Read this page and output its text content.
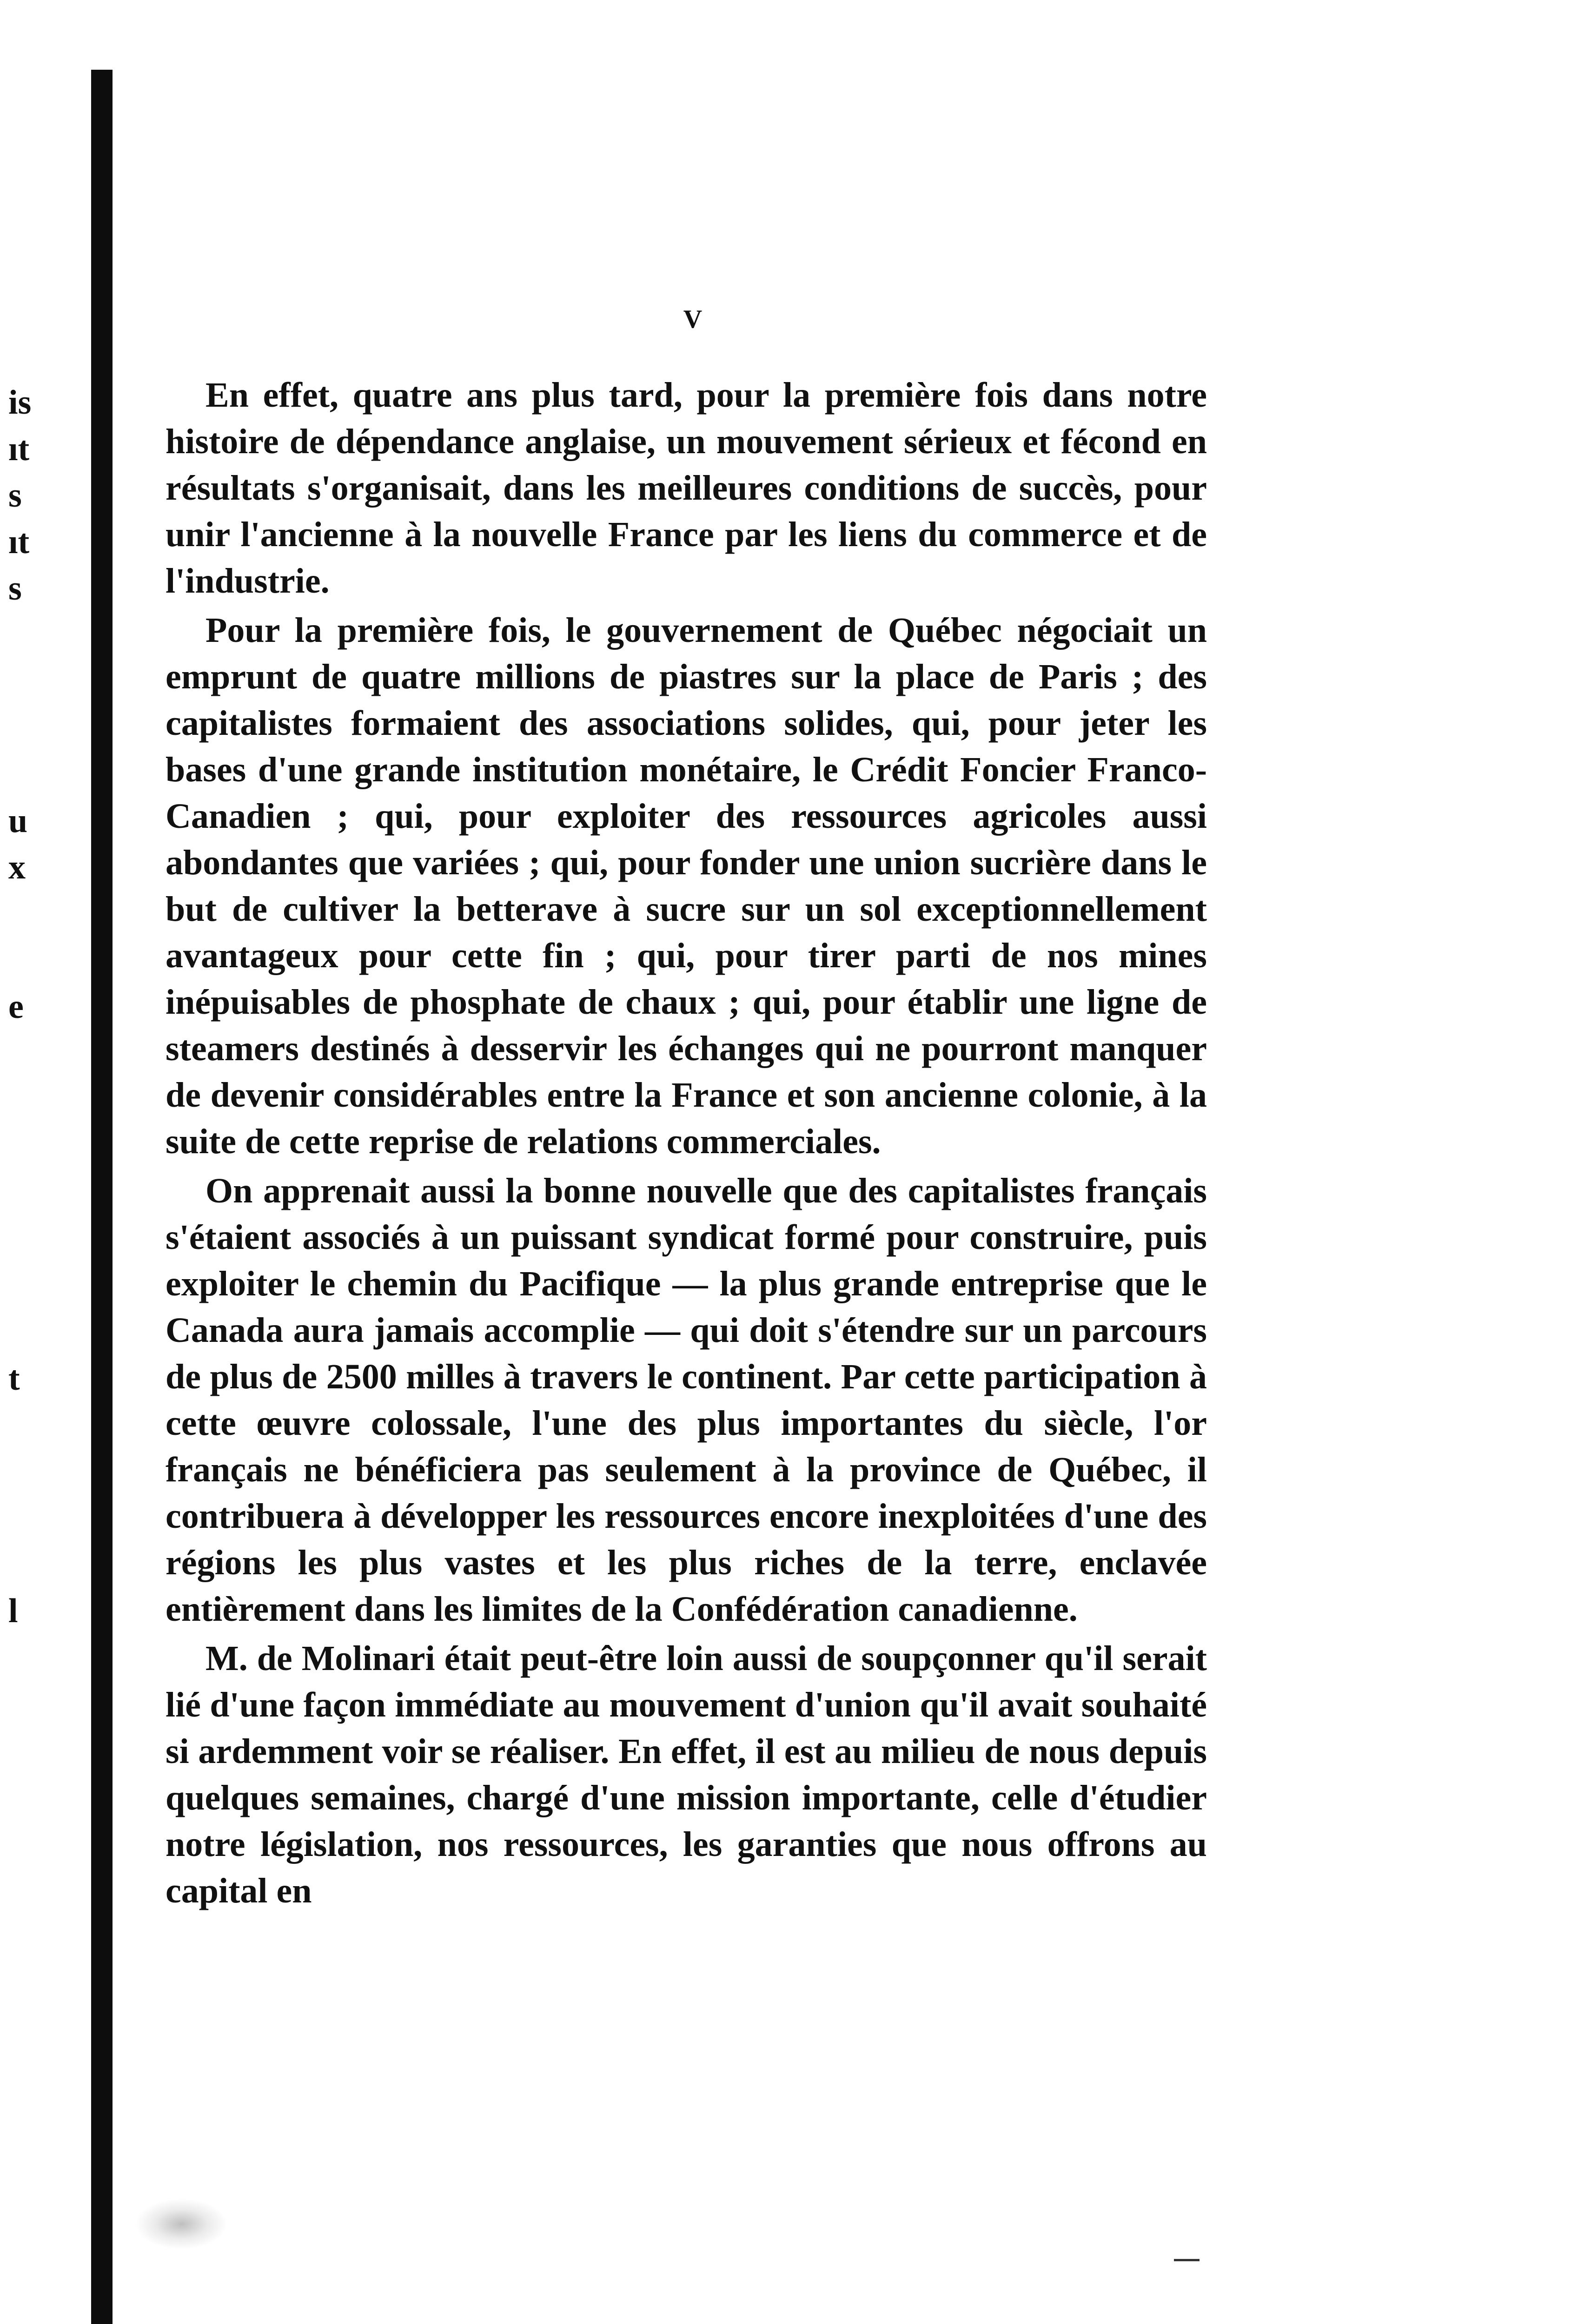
is
ıt
s
ıt
s
u
x
e
t
l
V

En effet, quatre ans plus tard, pour la première fois dans notre histoire de dépendance anglaise, un mouvement sérieux et fécond en résultats s'organisait, dans les meilleures conditions de succès, pour unir l'ancienne à la nouvelle France par les liens du commerce et de l'industrie.

Pour la première fois, le gouvernement de Québec négociait un emprunt de quatre millions de piastres sur la place de Paris ; des capitalistes formaient des associations solides, qui, pour jeter les bases d'une grande institution monétaire, le Crédit Foncier Franco-Canadien ; qui, pour exploiter des ressources agricoles aussi abondantes que variées ; qui, pour fonder une union sucrière dans le but de cultiver la betterave à sucre sur un sol exceptionnellement avantageux pour cette fin ; qui, pour tirer parti de nos mines inépuisables de phosphate de chaux ; qui, pour établir une ligne de steamers destinés à desservir les échanges qui ne pourront manquer de devenir considérables entre la France et son ancienne colonie, à la suite de cette reprise de relations commerciales.

On apprenait aussi la bonne nouvelle que des capitalistes français s'étaient associés à un puissant syndicat formé pour construire, puis exploiter le chemin du Pacifique — la plus grande entreprise que le Canada aura jamais accomplie — qui doit s'étendre sur un parcours de plus de 2500 milles à travers le continent. Par cette participation à cette œuvre colossale, l'une des plus importantes du siècle, l'or français ne bénéficiera pas seulement à la province de Québec, il contribuera à développer les ressources encore inexploitées d'une des régions les plus vastes et les plus riches de la terre, enclavée entièrement dans les limites de la Confédération canadienne.

M. de Molinari était peut-être loin aussi de soupçonner qu'il serait lié d'une façon immédiate au mouvement d'union qu'il avait souhaité si ardemment voir se réaliser. En effet, il est au milieu de nous depuis quelques semaines, chargé d'une mission importante, celle d'étudier notre législation, nos ressources, les garanties que nous offrons au capital en
